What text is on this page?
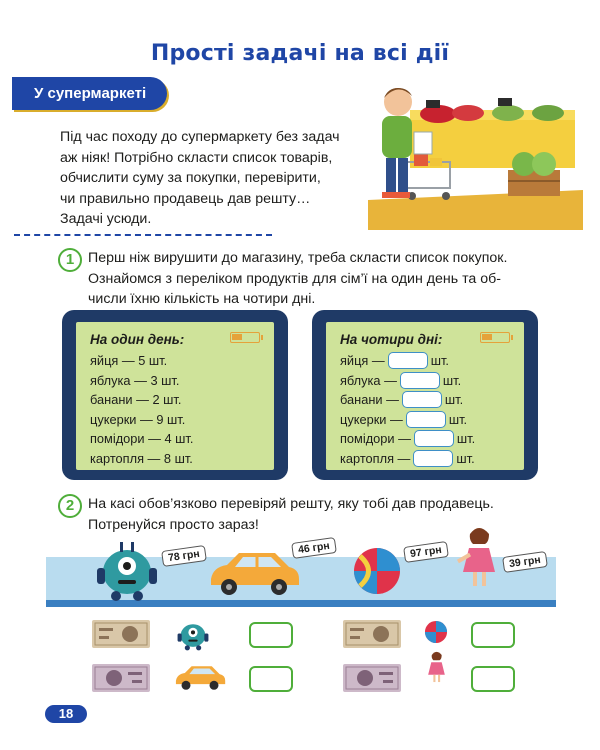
Прості задачі на всі дії
У супермаркеті
Під час походу до супермаркету без задач
аж ніяк! Потрібно скласти список товарів,
обчислити суму за покупки, перевірити,
чи правильно продавець дав решту…
Задачі усюди.
1 Перш ніж вирушити до магазину, треба скласти список покупок.
Ознайомся з переліком продуктів для сім’ї на один день та об-
числи їхню кількість на чотири дні.
На один день:
яйця — 5 шт.
яблука — 3 шт.
банани — 2 шт.
цукерки — 9 шт.
помідори — 4 шт.
картопля — 8 шт.
На чотири дні:
яйця —	шт.
яблука —	шт.
банани —	шт.
цукерки —	шт.
помідори —	шт.
картопля —	шт.
2 На касі обов’язково перевіряй решту, яку тобі дав продавець.
Потренуйся просто зараз!
78 грн	46 грн	97 грн
39 грн
18
